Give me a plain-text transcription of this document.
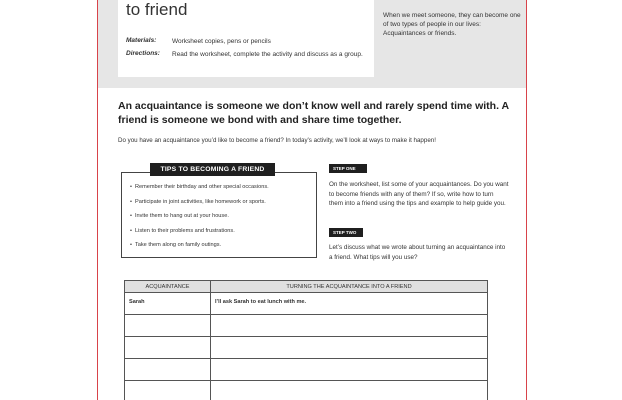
to friend
Materials: Worksheet copies, pens or pencils
Directions: Read the worksheet, complete the activity and discuss as a group.
When we meet someone, they can become one of two types of people in our lives: Acquaintances or friends.
An acquaintance is someone we don’t know well and rarely spend time with. A friend is someone we bond with and share time together.
Do you have an acquaintance you’d like to become a friend? In today’s activity, we’ll look at ways to make it happen!
TIPS TO BECOMING A FRIEND
• Remember their birthday and other special occasions.
• Participate in joint activities, like homework or sports.
• Invite them to hang out at your house.
• Listen to their problems and frustrations.
• Take them along on family outings.
STEP ONE
On the worksheet, list some of your acquaintances. Do you want to become friends with any of them? If so, write how to turn them into a friend using the tips and example to help guide you.
STEP TWO
Let’s discuss what we wrote about turning an acquaintance into a friend. What tips will you use?
ACQUAINTANCE	TURNING THE ACQUAINTANCE INTO A FRIEND
Sarah	I’ll ask Sarah to eat lunch with me.
